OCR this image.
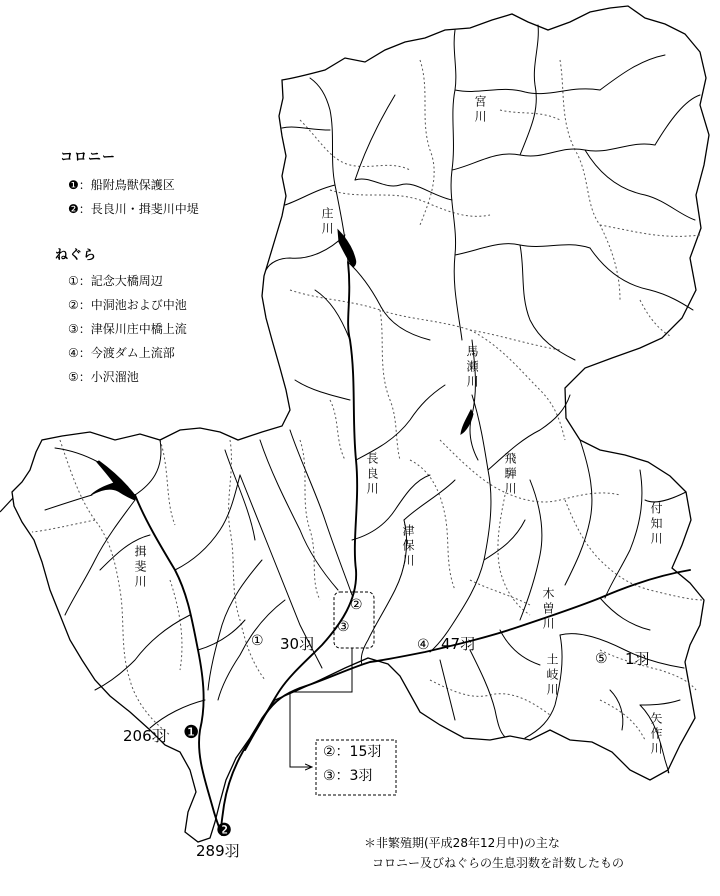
コロニー
❶：船附鳥獣保護区
❷：長良川・揖斐川中堤
ねぐら
①：記念大橋周辺
②：中洞池および中池
③：津保川庄中橋上流
④：今渡ダム上流部
⑤：小沢溜池
宮川
庄川
馬瀬川
長良川	飛騨川
津保川
揖斐川
付知川
木曽川
土岐川
矢作川
① 30羽
②
③
④ 47羽
⑤ 1羽
206羽 ❶
❷
289羽
②：15羽
③：3羽
＊非繁殖期(平成28年12月中)の主な
コロニー及びねぐらの生息羽数を計数したもの
